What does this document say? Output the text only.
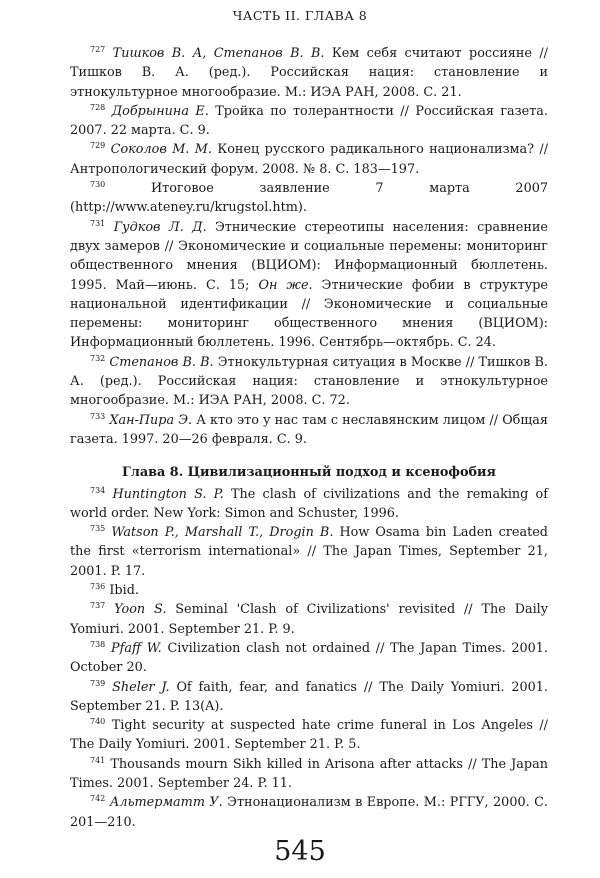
ЧАСТЬ II. ГЛАВА 8

$^{727}$ Тишков В. А, Степанов В. В. Кем себя считают россияне // Тишков В. А. (ред.). Российская нация: становление и этнокультурное многообразие. М.: ИЭА РАН, 2008. С. 21.

$^{728}$ Добрынина Е. Тройка по толерантности // Российская газета. 2007. 22 марта. С. 9.

$^{729}$ Соколов М. М. Конец русского радикального национализма? // Антропологический форум. 2008. № 8. С. 183—197.

$^{730}$	Итоговое заявление 7 марта 2007 (http://www.ateney.ru/krugstol.htm).

$^{731}$ Гудков Л. Д. Этнические стереотипы населения: сравнение двух замеров // Экономические и социальные перемены: мониторинг общественного мнения (ВЦИОМ): Информационный бюллетень. 1995. Май—июнь. С. 15; Он же. Этнические фобии в структуре национальной идентификации // Экономические и социальные перемены: мониторинг общественного мнения (ВЦИОМ): Информационный бюллетень. 1996. Сентябрь—октябрь. С. 24.

$^{732}$ Степанов В. В. Этнокультурная ситуация в Москве // Тишков В. А. (ред.). Российская нация: становление и этнокультурное многообразие. М.: ИЭА РАН, 2008. С. 72.

$^{733}$ Хан-Пира Э. А кто это у нас там с неславянским лицом // Общая газета. 1997. 20—26 февраля. С. 9.

Глава 8. Цивилизационный подход и ксенофобия

$^{734}$ Huntington S. P. The clash of civilizations and the remaking of world order. New York: Simon and Schuster, 1996.

$^{735}$ Watson P., Marshall T., Drogin B. How Osama bin Laden created the first «terrorism international» // The Japan Times, September 21, 2001. P. 17.

$^{736}$ Ibid.

$^{737}$ Yoon S. Seminal 'Clash of Civilizations' revisited // The Daily Yomiuri. 2001. September 21. P. 9.

$^{738}$ Pfaff W. Civilization clash not ordained // The Japan Times. 2001. October 20.

$^{739}$ Sheler J. Of faith, fear, and fanatics // The Daily Yomiuri. 2001. September 21. P. 13(A).

$^{740}$ Tight security at suspected hate crime funeral in Los Angeles // The Daily Yomiuri. 2001. September 21. P. 5.

$^{741}$ Thousands mourn Sikh killed in Arisona after attacks // The Japan Times. 2001. September 24. P. 11.

$^{742}$ Альтерматт У. Этнонационализм в Европе. М.: РГГУ, 2000. С. 201—210.

545
